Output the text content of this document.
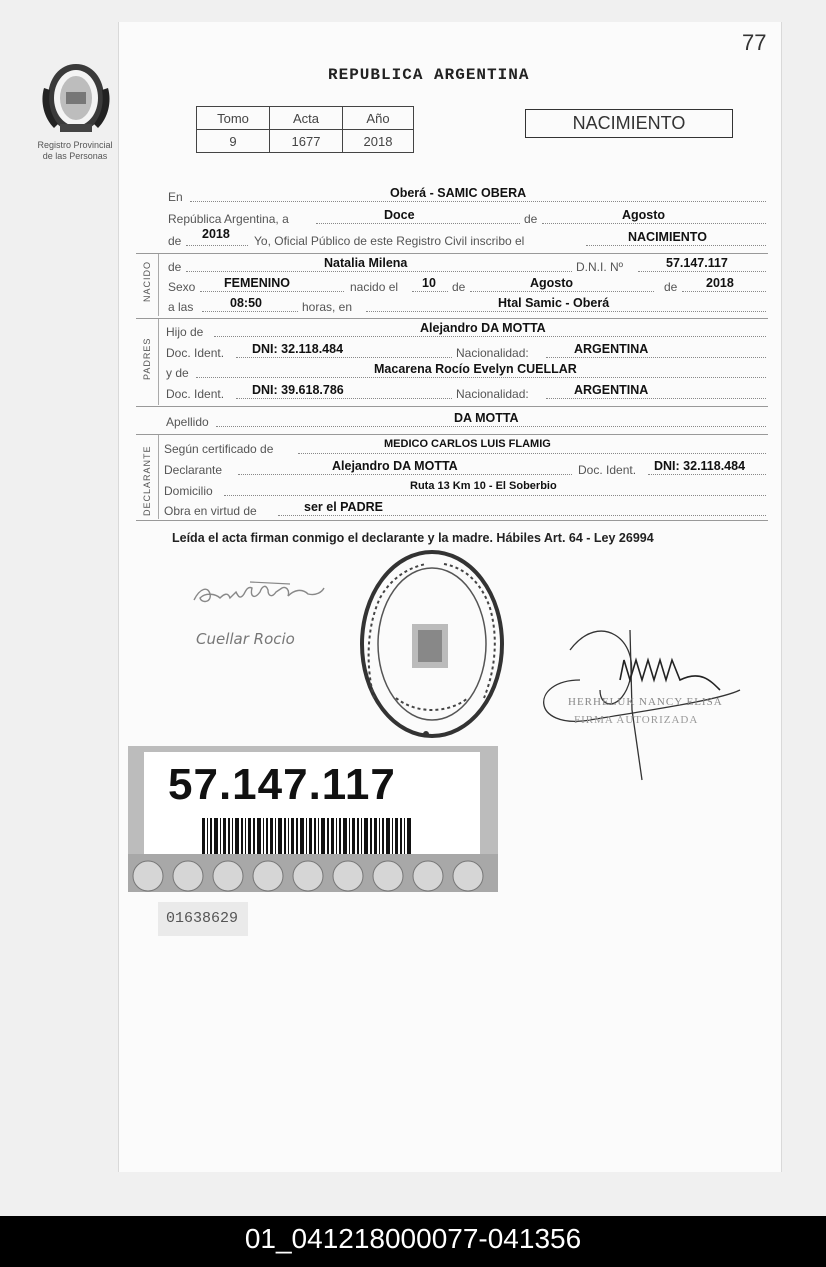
77
Registro Provincial
de las Personas
REPUBLICA ARGENTINA
Tomo	Acta	Año
9	1677	2018
NACIMIENTO
En	Oberá - SAMIC OBERA
República Argentina, a	Doce	de	Agosto
de 2018 Yo, Oficial Público de este Registro Civil inscribo el	NACIMIENTO
NACIDO de	Natalia Milena	D.N.I. Nº	57.147.117
Sexo FEMENINO	nacido el 10 de	Agosto	de 2018
a las	08:50	horas, en	Htal Samic - Oberá
PADRES
Hijo de	Alejandro DA MOTTA
Doc. Ident. DNI: 32.118.484	Nacionalidad:	ARGENTINA
y de	Macarena Rocío Evelyn CUELLAR
Doc. Ident. DNI: 39.618.786	Nacionalidad:	ARGENTINA
Apellido	DA MOTTA
DECLARANTE Según certificado de	MEDICO CARLOS LUIS FLAMIG
Declarante	Alejandro DA MOTTA	Doc. Ident. DNI: 32.118.484
Domicilio	Ruta 13 Km 10 - El Soberbio
Obra en virtud de	ser el PADRE
Leída el acta firman conmigo el declarante y la madre. Hábiles Art. 64 - Ley 26994
Cuellar Rocio
HERHELUK NANCY ELISA
FIRMA AUTORIZADA
57.147.117
01638629
01_041218000077-041356
